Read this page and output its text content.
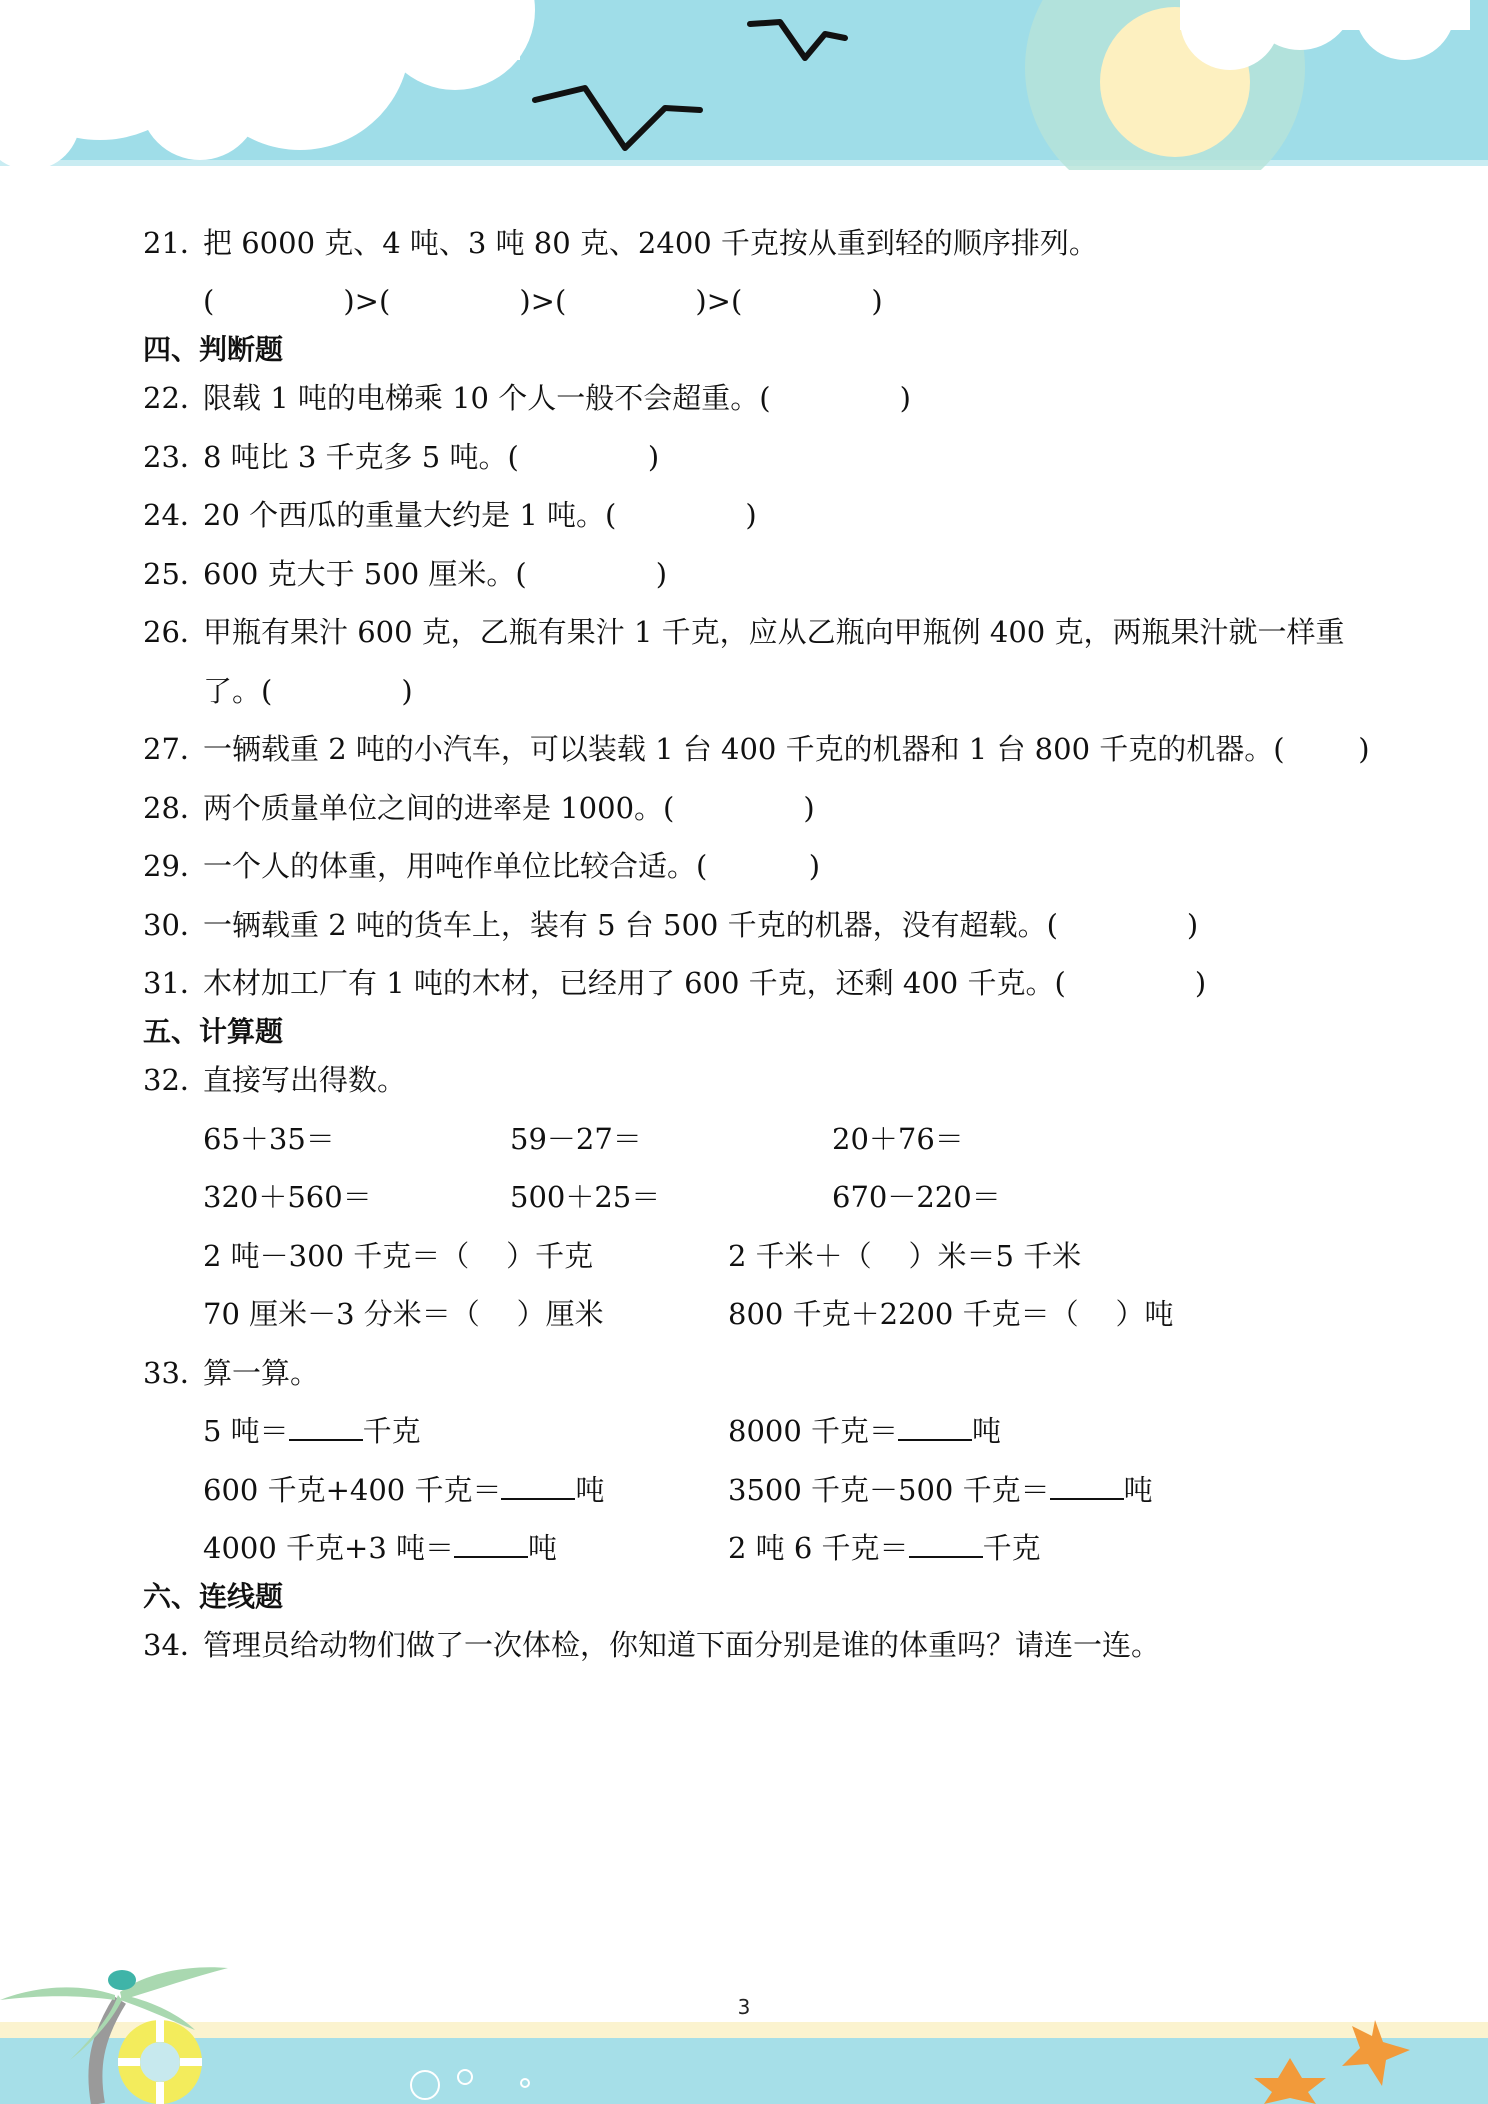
21．
把 6000 克、4 吨、3 吨 80 克、2400 千克按从重到轻的顺序排列。
(              )>(              )>(              )>(              )
四、判断题
22．
限载 1 吨的电梯乘 10 个人一般不会超重。(              )
23．
8 吨比 3 千克多 5 吨。(              )
24．
20 个西瓜的重量大约是 1 吨。(              )
25．
600 克大于 500 厘米。(              )
26．
甲瓶有果汁 600 克，乙瓶有果汁 1 千克，应从乙瓶向甲瓶例 400 克，两瓶果汁就一样重
了。(              )
27．
一辆载重 2 吨的小汽车，可以装载 1 台 400 千克的机器和 1 台 800 千克的机器。(        )
28．
两个质量单位之间的进率是 1000。(              )
29．
一个人的体重，用吨作单位比较合适。(           )
30．
一辆载重 2 吨的货车上，装有 5 台 500 千克的机器，没有超载。(              )
31．
木材加工厂有 1 吨的木材，已经用了 600 千克，还剩 400 千克。(              )
五、计算题
32．
直接写出得数。
65＋35＝	59－27＝	20＋76＝
320＋560＝	500＋25＝	670－220＝
2 吨－300 千克＝（    ）千克	2 千米＋（    ）米＝5 千米
70 厘米－3 分米＝（    ）厘米	800 千克＋2200 千克＝（    ）吨
33．
算一算。
5 吨＝	千克	8000 千克＝	吨
600 千克+400 千克＝	吨	3500 千克－500 千克＝	吨
4000 千克+3 吨＝	吨	2 吨 6 千克＝	千克
六、连线题
34．
管理员给动物们做了一次体检，你知道下面分别是谁的体重吗？请连一连。
3
